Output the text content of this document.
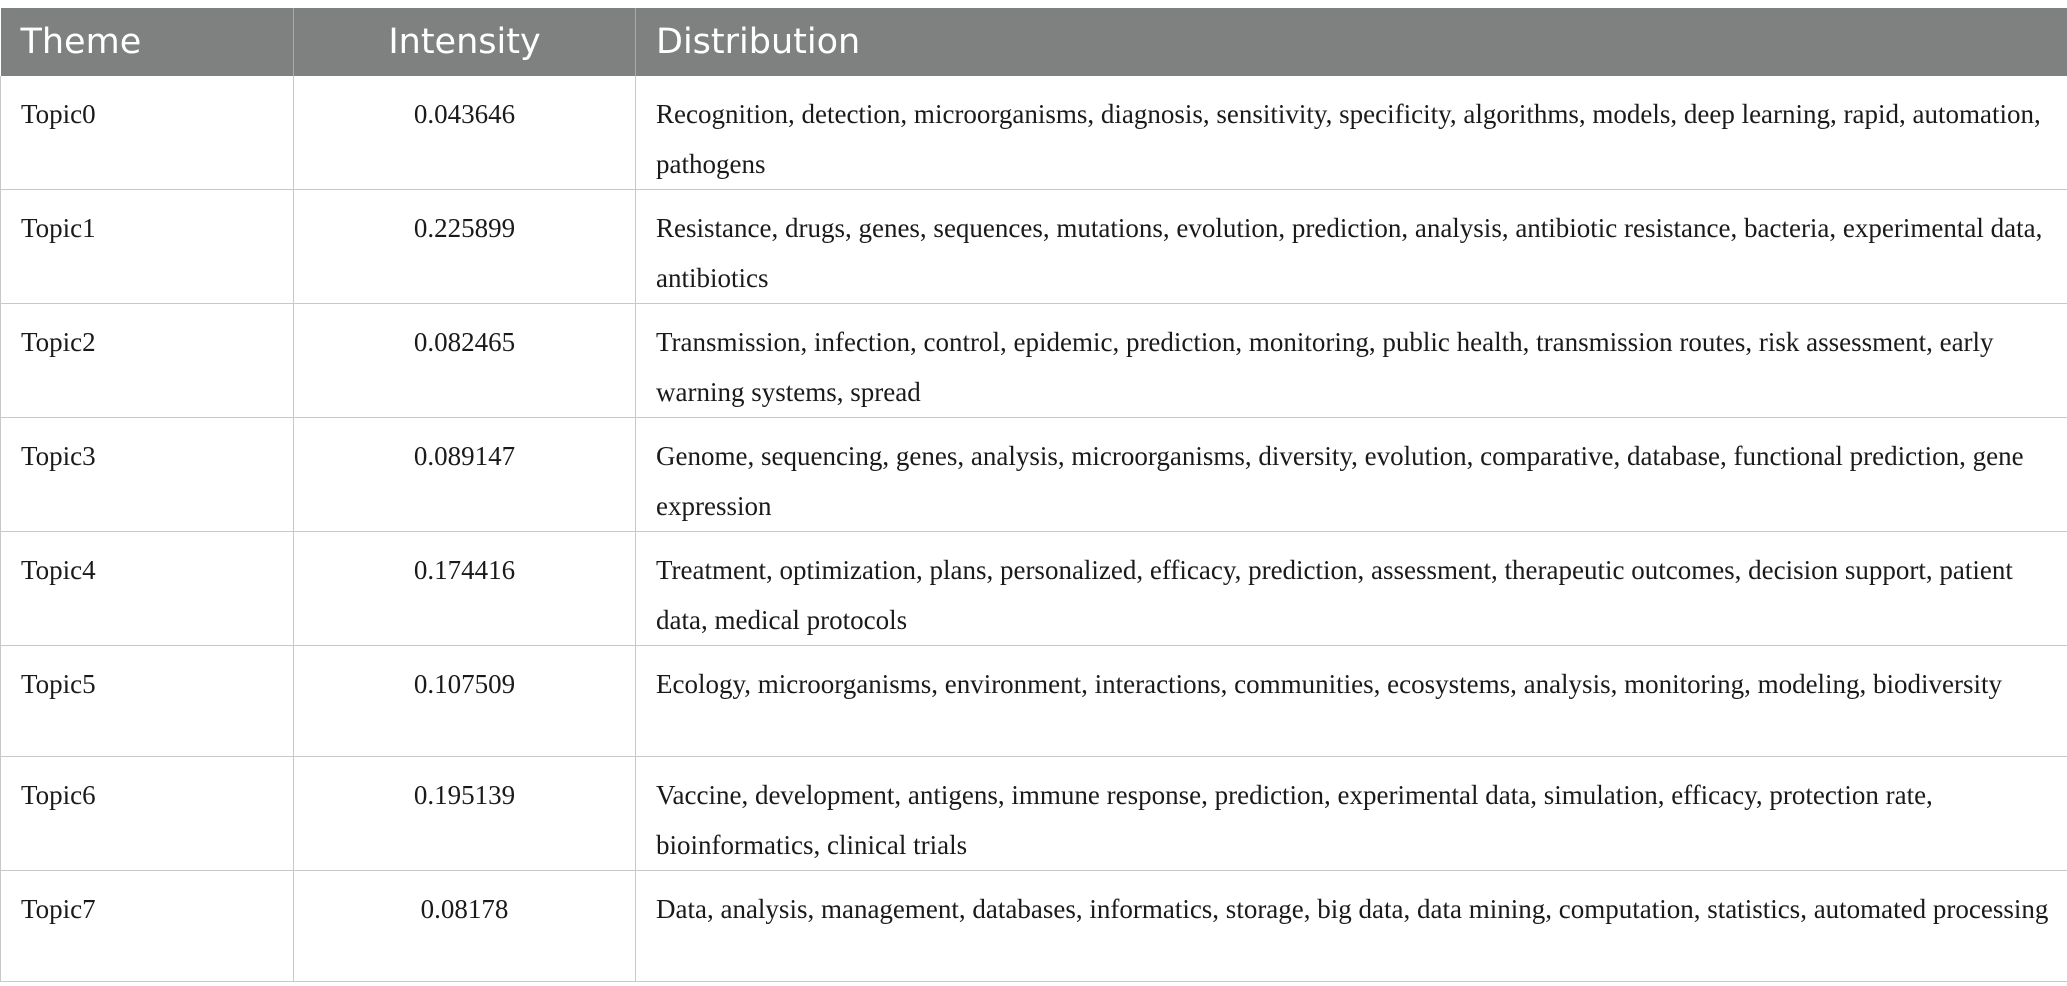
Theme	Intensity	Distribution
Topic0	0.043646	Recognition, detection, microorganisms, diagnosis, sensitivity, specificity, algorithms, models, deep learning, rapid, automation, pathogens
Topic1	0.225899	Resistance, drugs, genes, sequences, mutations, evolution, prediction, analysis, antibiotic resistance, bacteria, experimental data, antibiotics
Topic2	0.082465	Transmission, infection, control, epidemic, prediction, monitoring, public health, transmission routes, risk assessment, early warning systems, spread
Topic3	0.089147	Genome, sequencing, genes, analysis, microorganisms, diversity, evolution, comparative, database, functional prediction, gene expression
Topic4	0.174416	Treatment, optimization, plans, personalized, efficacy, prediction, assessment, therapeutic outcomes, decision support, patient data, medical protocols
Topic5	0.107509	Ecology, microorganisms, environment, interactions, communities, ecosystems, analysis, monitoring, modeling, biodiversity
Topic6	0.195139	Vaccine, development, antigens, immune response, prediction, experimental data, simulation, efficacy, protection rate, bioinformatics, clinical trials
Topic7	0.08178	Data, analysis, management, databases, informatics, storage, big data, data mining, computation, statistics, automated processing
